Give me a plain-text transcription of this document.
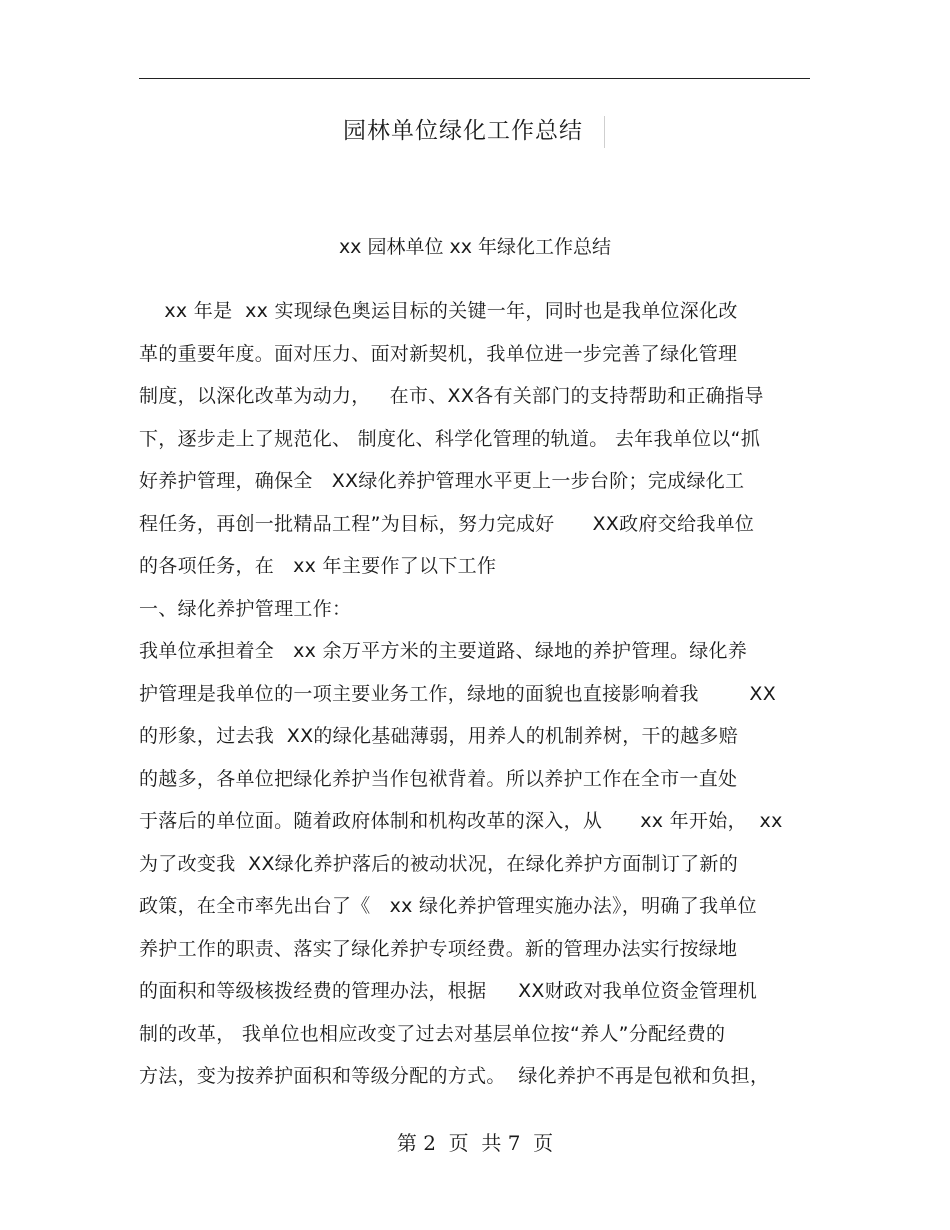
园林单位绿化工作总结
xx 园林单位 xx 年绿化工作总结
xx 年是  xx 实现绿色奥运目标的关键一年，同时也是我单位深化改
革的重要年度。面对压力、面对新契机，我单位进一步完善了绿化管理
制度，以深化改革为动力，   在市、XX各有关部门的支持帮助和正确指导
下，逐步走上了规范化、 制度化、科学化管理的轨道。 去年我单位以“抓
好养护管理，确保全   XX绿化养护管理水平更上一步台阶；完成绿化工
程任务，再创一批精品工程”为目标，努力完成好      XX政府交给我单位
的各项任务，在   xx 年主要作了以下工作
一、绿化养护管理工作：
我单位承担着全   xx 余万平方米的主要道路、绿地的养护管理。绿化养
护管理是我单位的一项主要业务工作，绿地的面貌也直接影响着我        XX
的形象，过去我  XX的绿化基础薄弱，用养人的机制养树，干的越多赔
的越多，各单位把绿化养护当作包袱背着。所以养护工作在全市一直处
于落后的单位面。随着政府体制和机构改革的深入，从      xx 年开始，  xx
为了改变我  XX绿化养护落后的被动状况，在绿化养护方面制订了新的
政策，在全市率先出台了《   xx 绿化养护管理实施办法》，明确了我单位
养护工作的职责、落实了绿化养护专项经费。新的管理办法实行按绿地
的面积和等级核拨经费的管理办法，根据     XX财政对我单位资金管理机
制的改革， 我单位也相应改变了过去对基层单位按“养人”分配经费的
方法，变为按养护面积和等级分配的方式。  绿化养护不再是包袱和负担，
第 2  页  共 7  页
